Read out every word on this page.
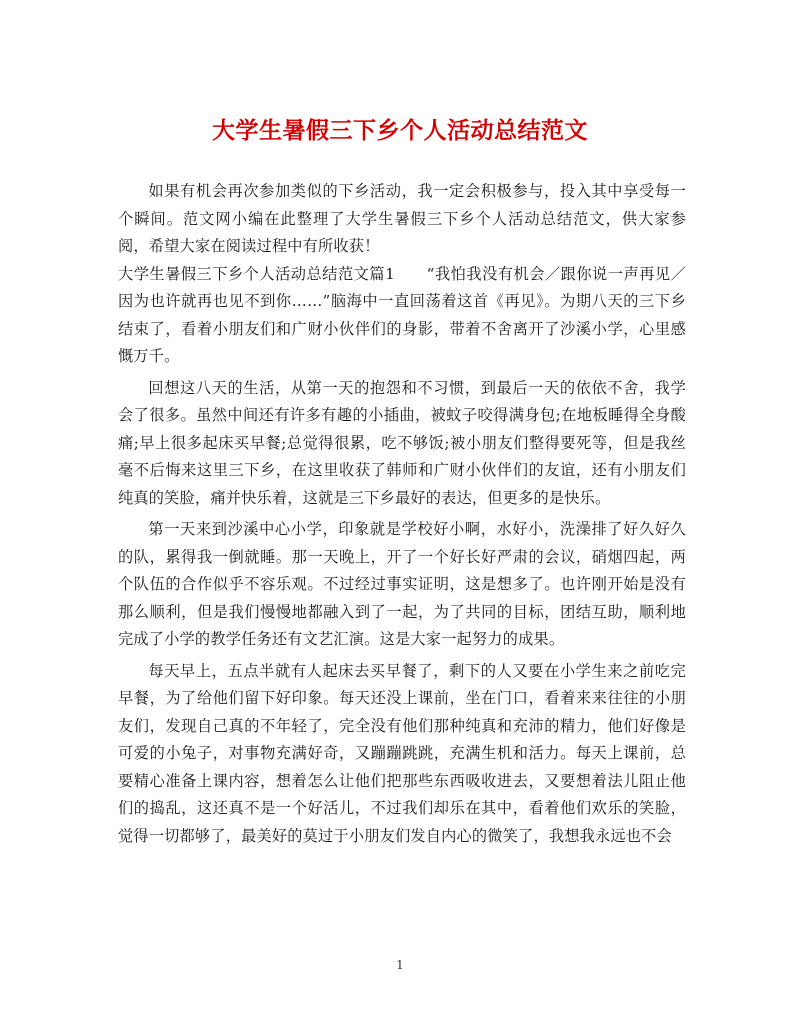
大学生暑假三下乡个人活动总结范文

如果有机会再次参加类似的下乡活动，我一定会积极参与，投入其中享受每一个瞬间。范文网小编在此整理了大学生暑假三下乡个人活动总结范文，供大家参阅，希望大家在阅读过程中有所收获！

大学生暑假三下乡个人活动总结范文篇1　　“我怕我没有机会／跟你说一声再见／因为也许就再也见不到你……”脑海中一直回荡着这首《再见》。为期八天的三下乡结束了，看着小朋友们和广财小伙伴们的身影，带着不舍离开了沙溪小学，心里感慨万千。

回想这八天的生活，从第一天的抱怨和不习惯，到最后一天的依依不舍，我学会了很多。虽然中间还有许多有趣的小插曲，被蚊子咬得满身包;在地板睡得全身酸痛;早上很多起床买早餐;总觉得很累，吃不够饭;被小朋友们整得要死等，但是我丝毫不后悔来这里三下乡，在这里收获了韩师和广财小伙伴们的友谊，还有小朋友们纯真的笑脸，痛并快乐着，这就是三下乡最好的表达，但更多的是快乐。

第一天来到沙溪中心小学，印象就是学校好小啊，水好小，洗澡排了好久好久的队，累得我一倒就睡。那一天晚上，开了一个好长好严肃的会议，硝烟四起，两个队伍的合作似乎不容乐观。不过经过事实证明，这是想多了。也许刚开始是没有那么顺利，但是我们慢慢地都融入到了一起，为了共同的目标，团结互助，顺利地完成了小学的教学任务还有文艺汇演。这是大家一起努力的成果。

每天早上，五点半就有人起床去买早餐了，剩下的人又要在小学生来之前吃完早餐，为了给他们留下好印象。每天还没上课前，坐在门口，看着来来往往的小朋友们，发现自己真的不年轻了，完全没有他们那种纯真和充沛的精力，他们好像是可爱的小兔子，对事物充满好奇，又蹦蹦跳跳，充满生机和活力。每天上课前，总要精心准备上课内容，想着怎么让他们把那些东西吸收进去，又要想着法儿阻止他们的捣乱，这还真不是一个好活儿，不过我们却乐在其中，看着他们欢乐的笑脸，觉得一切都够了，最美好的莫过于小朋友们发自内心的微笑了，我想我永远也不会

1
